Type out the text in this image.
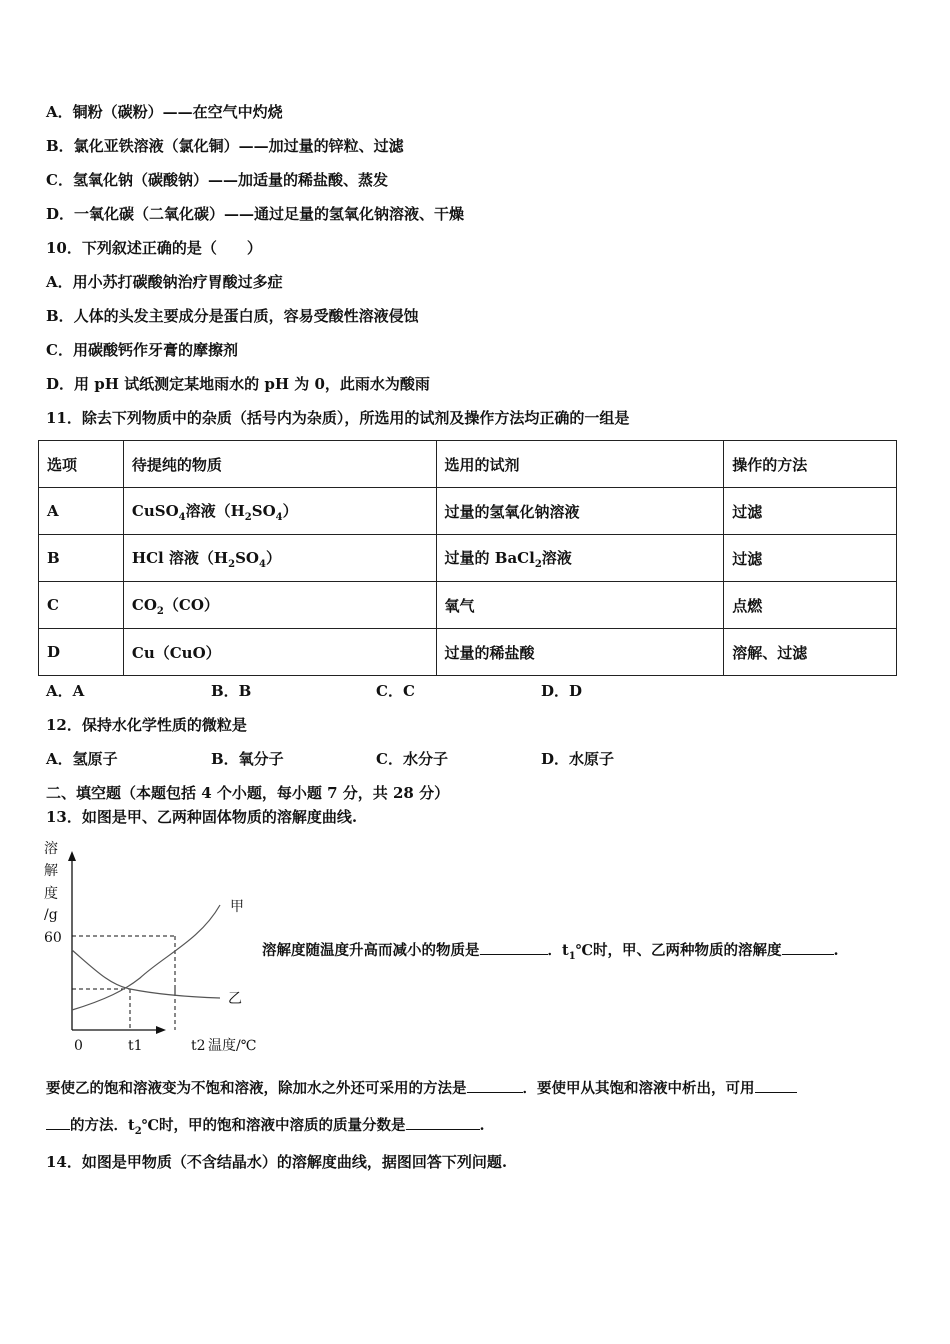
A．铜粉（碳粉）——在空气中灼烧
B．氯化亚铁溶液（氯化铜）——加过量的锌粒、过滤
C．氢氧化钠（碳酸钠）——加适量的稀盐酸、蒸发
D．一氧化碳（二氧化碳）——通过足量的氢氧化钠溶液、干燥
10．下列叙述正确的是（　　）
A．用小苏打碳酸钠治疗胃酸过多症
B．人体的头发主要成分是蛋白质，容易受酸性溶液侵蚀
C．用碳酸钙作牙膏的摩擦剂
D．用 pH 试纸测定某地雨水的 pH 为 0，此雨水为酸雨
11．除去下列物质中的杂质（括号内为杂质），所选用的试剂及操作方法均正确的一组是
选项	待提纯的物质	选用的试剂	操作的方法
A	CuSO$_4$溶液$(H_2SO_4)$	过量的氢氧化钠溶液	过滤
B	HCl 溶液$(H_2SO_4)$	过量的 BaCl$_2$溶液	过滤
C	$CO_2(CO)$	氧气	点燃
D	Cu（CuO）	过量的稀盐酸	溶解、过滤
A．A	B．B	C．C	D．D
12．保持水化学性质的微粒是
A．氢原子	B．氧分子	C．水分子	D．水原子
二、填空题（本题包括 4 个小题，每小题 7 分，共 28 分）
13．如图是甲、乙两种固体物质的溶解度曲线.
溶
解
度
/g
60
0	t1	t2 温度/℃
甲
乙
溶解度随温度升高而减小的物质是	．$t_1℃$时，甲、乙两种物质的溶解度	.
要使乙的饱和溶液变为不饱和溶液，除加水之外还可采用的方法是	．要使甲从其饱和溶液中析出，可用
的方法．$t_2℃$时，甲的饱和溶液中溶质的质量分数是	.
14．如图是甲物质（不含结晶水）的溶解度曲线，据图回答下列问题.
